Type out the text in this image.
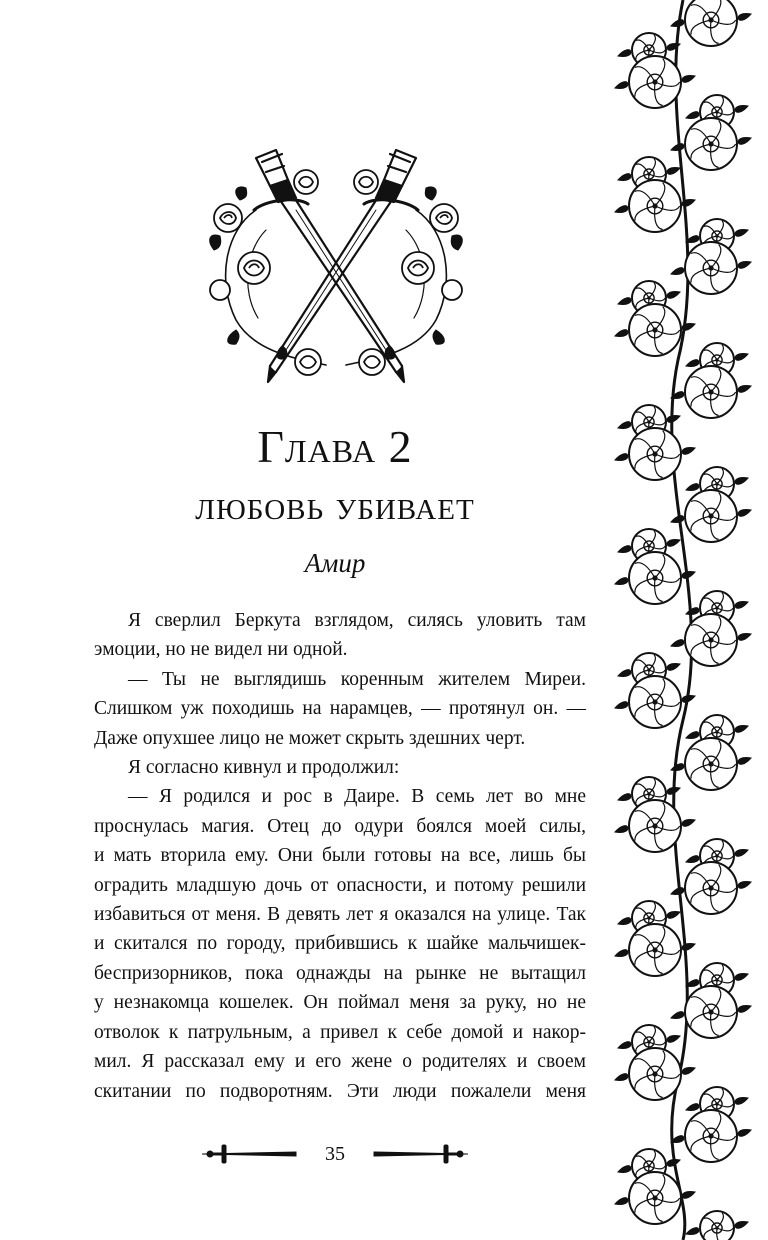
Глава 2
любовь убивает
Амир
Я сверлил Беркута взглядом, силясь уловить там
эмоции, но не видел ни одной.
— Ты не выглядишь коренным жителем Миреи.
Слишком уж походишь на нарамцев, — протянул он. —
Даже опухшее лицо не может скрыть здешних черт.
Я согласно кивнул и продолжил:
— Я родился и рос в Даире. В семь лет во мне
проснулась магия. Отец до одури боялся моей силы,
и мать вторила ему. Они были готовы на все, лишь бы
оградить младшую дочь от опасности, и потому решили
избавиться от меня. В девять лет я оказался на улице. Так
и скитался по городу, прибившись к шайке мальчишек-
беспризорников, пока однажды на рынке не вытащил
у незнакомца кошелек. Он поймал меня за руку, но не
отволок к патрульным, а привел к себе домой и накор-
мил. Я рассказал ему и его жене о родителях и своем
скитании по подворотням. Эти люди пожалели меня
35
